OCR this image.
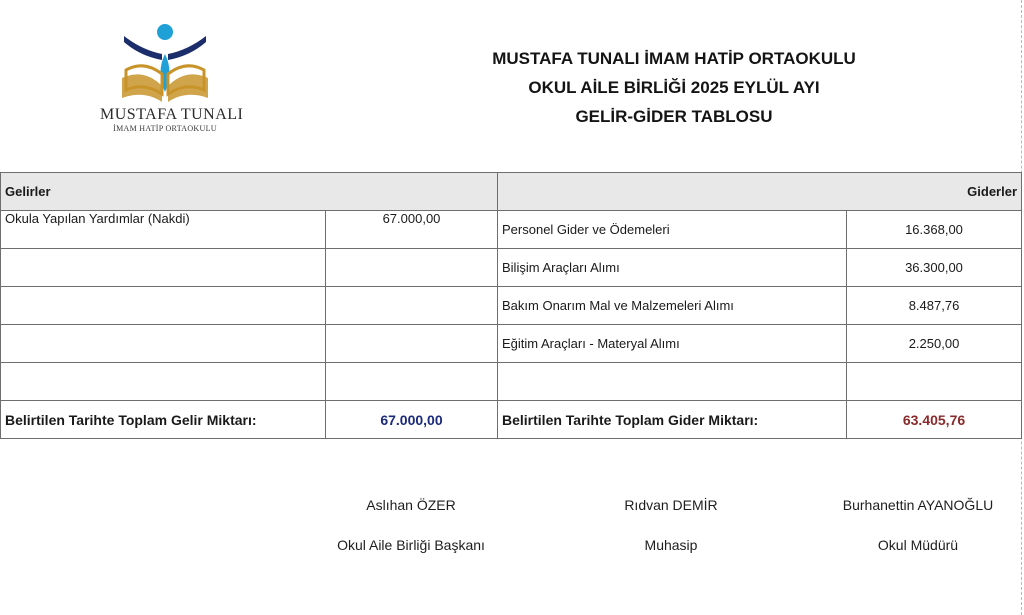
MUSTAFA TUNALI
İMAM HATİP ORTAOKULU
MUSTAFA TUNALI İMAM HATİP ORTAOKULU
OKUL AİLE BİRLİĞİ 2025 EYLÜL AYI
GELİR-GİDER TABLOSU
Gelirler		Giderler	
Okula Yapılan Yardımlar (Nakdi)	67.000,00	Personel Gider ve Ödemeleri	16.368,00
		Bilişim Araçları Alımı	36.300,00
		Bakım Onarım Mal ve Malzemeleri Alımı	8.487,76
		Eğitim Araçları - Materyal Alımı	2.250,00

Belirtilen Tarihte Toplam Gelir Miktarı:	67.000,00	Belirtilen Tarihte Toplam Gider Miktarı:	63.405,76
Aslıhan ÖZER
Okul Aile Birliği Başkanı
Rıdvan DEMİR
Muhasip
Burhanettin AYANOĞLU
Okul Müdürü
